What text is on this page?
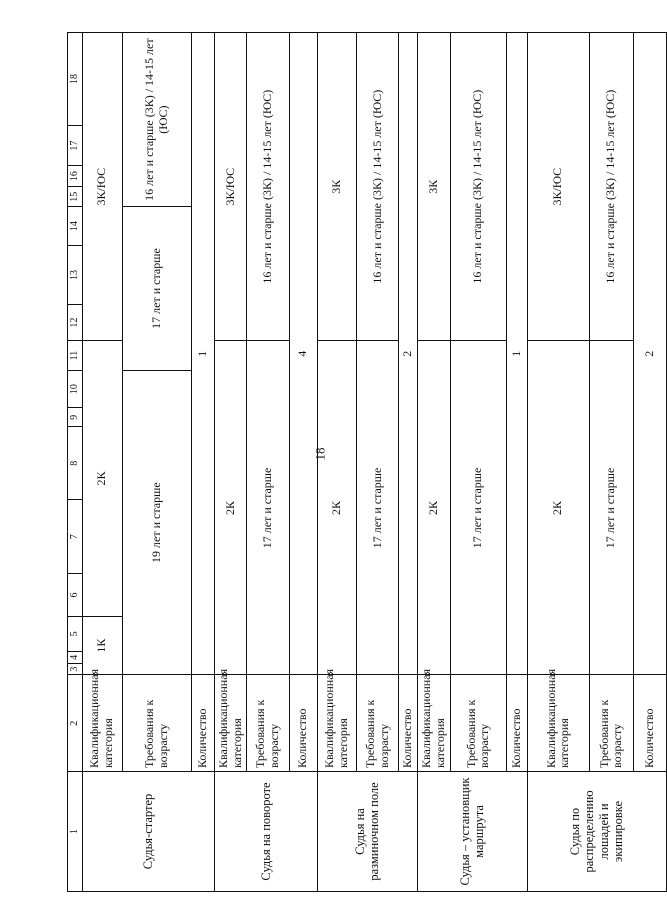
18
1	2	3	4	5	6	7	8	9	10	11	12	13	14	15	16	17	18
Судья-стартер	Квалификационная категория	1К			2К						3К/ЮС						
	Требования к возрасту	19 лет и старше								17 лет и старше				16 лет и старше (3К) / 14-15 лет (ЮС)			
	Количество	1															
Судья на повороте	Квалификационная категория	2К									3К/ЮС						
	Требования к возрасту	17 лет и старше									16 лет и старше (3К) / 14-15 лет (ЮС)						
	Количество	4															
Судья на разминочном поле	Квалификационная категория	2К									3К						
	Требования к возрасту	17 лет и старше									16 лет и старше (3К) / 14-15 лет (ЮС)						
	Количество	2															
Судья – установщик маршрута	Квалификационная категория	2К									3К						
	Требования к возрасту	17 лет и старше									16 лет и старше (3К) / 14-15 лет (ЮС)						
	Количество	1															
Судья по распределению лошадей и экипировке	Квалификационная категория	2К									3К/ЮС						
	Требования к возрасту	17 лет и старше									16 лет и старше (3К) / 14-15 лет (ЮС)						
	Количество	2															
